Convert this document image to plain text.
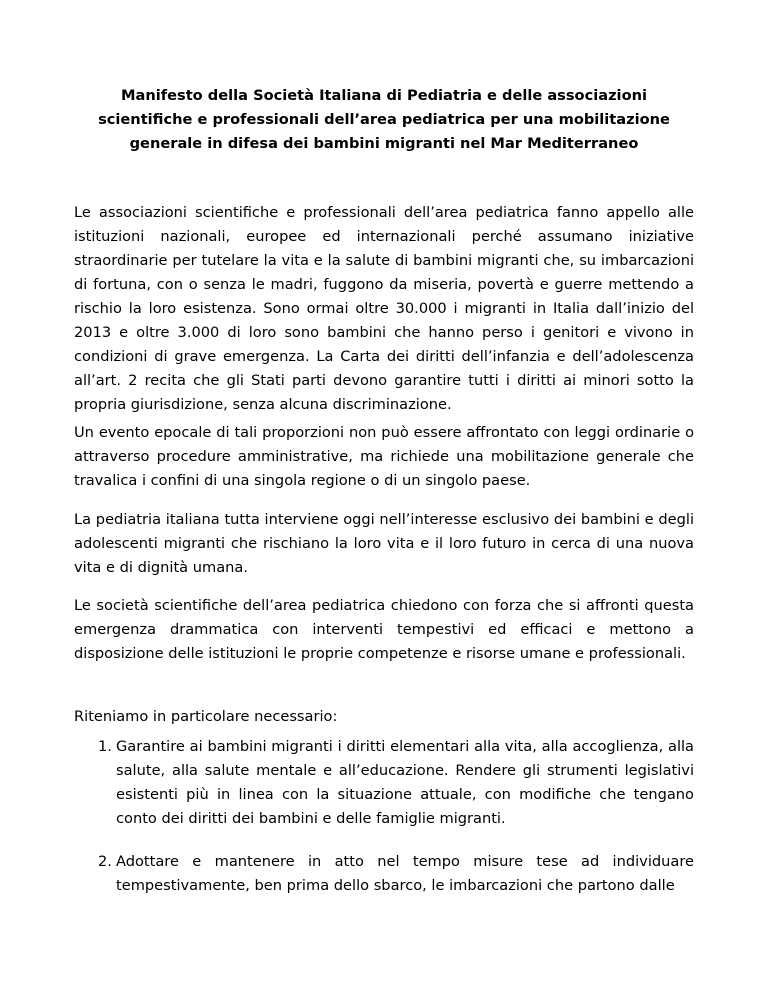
Manifesto della Società Italiana di Pediatria e delle associazioni scientifiche e professionali dell’area pediatrica per una mobilitazione generale in difesa dei bambini migranti nel Mar Mediterraneo
Le associazioni scientifiche e professionali dell’area pediatrica fanno appello alle istituzioni nazionali, europee ed internazionali perché assumano iniziative straordinarie per tutelare la vita e la salute di bambini migranti che, su imbarcazioni di fortuna, con o senza le madri, fuggono da miseria, povertà e guerre mettendo a rischio la loro esistenza. Sono ormai oltre 30.000 i migranti in Italia dall’inizio del 2013 e oltre 3.000 di loro sono bambini che hanno perso i genitori e vivono in condizioni di grave emergenza. La Carta dei diritti dell’infanzia e dell’adolescenza all’art. 2 recita che gli Stati parti devono garantire tutti i diritti ai minori sotto la propria giurisdizione, senza alcuna discriminazione.
Un evento epocale di tali proporzioni non può essere affrontato con leggi ordinarie o attraverso procedure amministrative, ma richiede una mobilitazione generale che travalica i confini di una singola regione o di un singolo paese.
La pediatria italiana tutta interviene oggi nell’interesse esclusivo dei bambini e degli adolescenti migranti che rischiano la loro vita e il loro futuro in cerca di una nuova vita e di dignità umana.
Le società scientifiche dell’area pediatrica chiedono con forza che si affronti questa emergenza drammatica con interventi tempestivi ed efficaci e mettono a disposizione delle istituzioni le proprie competenze e risorse umane e professionali.
Riteniamo in particolare necessario:
1. Garantire ai bambini migranti i diritti elementari alla vita, alla accoglienza, alla salute, alla salute mentale e all’educazione. Rendere gli strumenti legislativi esistenti più in linea con la situazione attuale, con modifiche che tengano conto dei diritti dei bambini e delle famiglie migranti.
2. Adottare e mantenere in atto nel tempo misure tese ad individuare tempestivamente, ben prima dello sbarco, le imbarcazioni che partono dalle
